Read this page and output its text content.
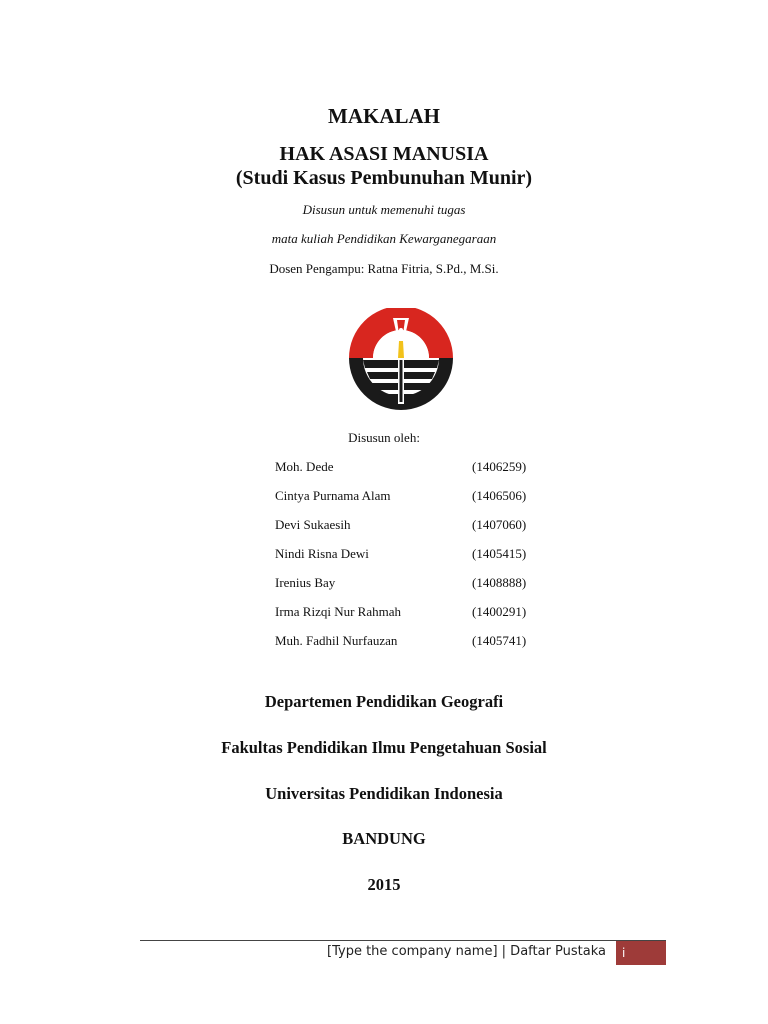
MAKALAH
HAK ASASI MANUSIA
(Studi Kasus Pembunuhan Munir)
Disusun untuk memenuhi tugas
mata kuliah Pendidikan Kewarganegaraan
Dosen Pengampu: Ratna Fitria, S.Pd., M.Si.
Disusun oleh:
Moh. Dede	(1406259)
Cintya Purnama Alam	(1406506)
Devi Sukaesih	(1407060)
Nindi Risna Dewi	(1405415)
Irenius Bay	(1408888)
Irma Rizqi Nur Rahmah	(1400291)
Muh. Fadhil Nurfauzan	(1405741)
Departemen Pendidikan Geografi
Fakultas Pendidikan Ilmu Pengetahuan Sosial
Universitas Pendidikan Indonesia
BANDUNG
2015
[Type the company name] | Daftar Pustaka	i
